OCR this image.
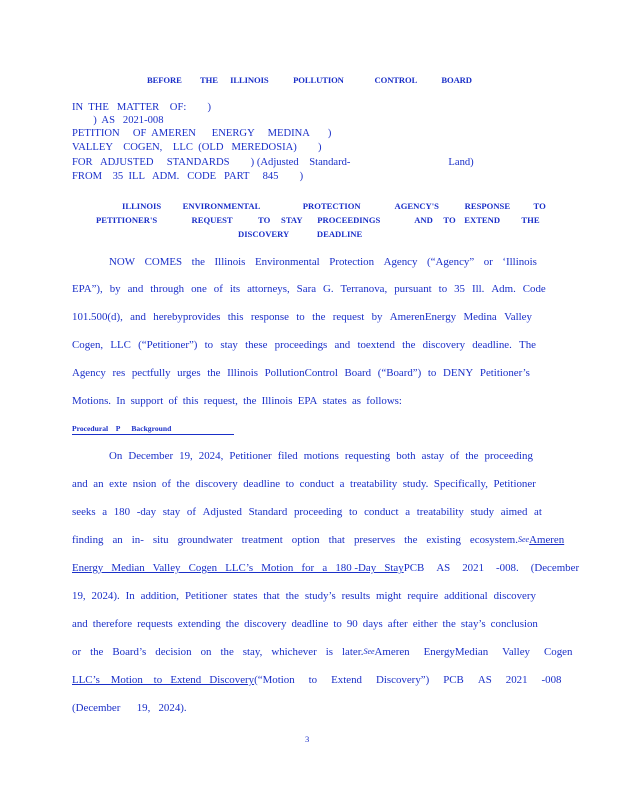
BEFORE         THE      ILLINOIS            POLLUTION               CONTROL            BOARD
IN  THE   MATTER    OF:        )
)  AS   2021-008
PETITION     OF  AMEREN      ENERGY     MEDINA       )
VALLEY    COGEN,    LLC  (OLD   MEREDOSIA)        )
FOR   ADJUSTED     STANDARDS        ) (Adjusted    Standard-                                     Land)
FROM    35  ILL   ADM.   CODE   PART     845        )
ILLINOIS          ENVIRONMENTAL                    PROTECTION                AGENCY'S            RESPONSE           TO
PETITIONER'S                REQUEST            TO     STAY       PROCEEDINGS                AND     TO    EXTEND          THE
DISCOVERY             DEADLINE
NOW COMES the Illinois Environmental Protection Agency (“Agency” or ‘Illinois
EPA”), by and through one of its attorneys, Sara G. Terranova, pursuant to 35 Ill. Adm. Code
101.500(d), and herebyprovides this response to the request by AmerenEnergy Medina Valley
Cogen, LLC (“Petitioner”) to stay these proceedings and toextend the discovery deadline. The
Agency res pectfully urges the Illinois PollutionControl Board (“Board”) to DENY Petitioner’s
Motions. In support of this request, the Illinois EPA states as follows:
Procedural    P      Background
On December 19, 2024, Petitioner filed motions requesting both astay of the proceeding
and an exte nsion of the discovery deadline to conduct a treatability study. Specifically, Petitioner
seeks a 180 -day stay of Adjusted Standard proceeding to conduct a treatability study aimed at
finding an in- situ groundwater treatment option that preserves the existing ecosystem. See Ameren
Energy   Median   Valley   Cogen   LLC’s   Motion   for   a   180 -Day   Stay PCB AS 2021 -008. (December
19, 2024). In addition, Petitioner states that the study’s results might require additional discovery
and therefore requests extending the discovery deadline to 90 days after either the stay’s conclusion
or the Board’s decision on the stay, whichever is later. See Ameren EnergyMedian Valley Cogen
LLC’s    Motion    to   Extend   Discovery (“Motion to Extend Discovery”) PCB AS 2021 -008
(December      19,   2024).
3
